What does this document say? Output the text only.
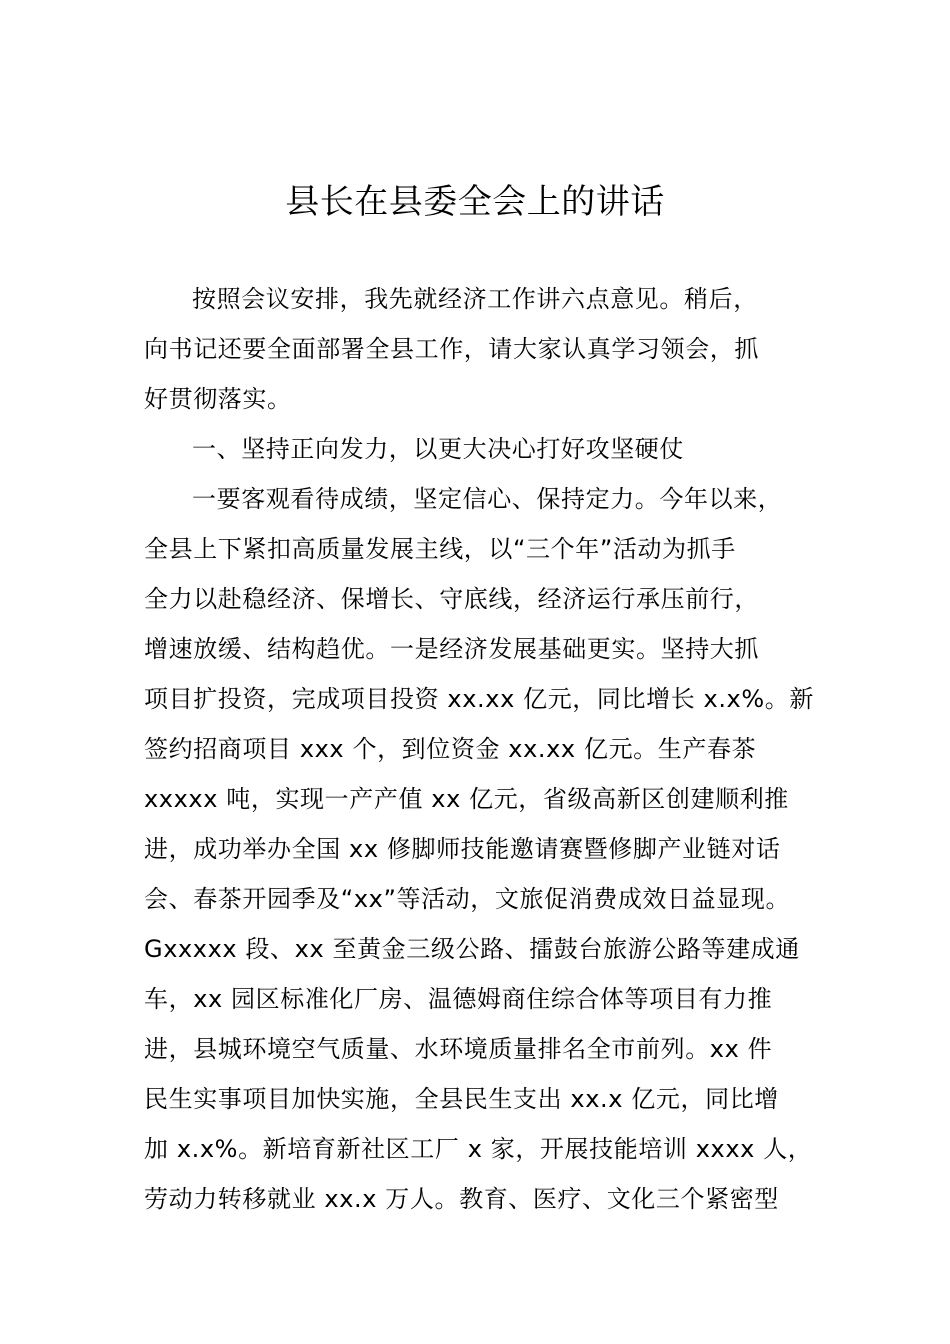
县长在县委全会上的讲话
按照会议安排，我先就经济工作讲六点意见。稍后，
向书记还要全面部署全县工作，请大家认真学习领会，抓
好贯彻落实。
一、坚持正向发力，以更大决心打好攻坚硬仗
一要客观看待成绩，坚定信心、保持定力。今年以来，
全县上下紧扣高质量发展主线，以“三个年”活动为抓手
全力以赴稳经济、保增长、守底线，经济运行承压前行，
增速放缓、结构趋优。一是经济发展基础更实。坚持大抓
项目扩投资，完成项目投资 xx.xx 亿元，同比增长 x.x%。新
签约招商项目 xxx 个，到位资金 xx.xx 亿元。生产春茶
xxxxx 吨，实现一产产值 xx 亿元，省级高新区创建顺利推
进，成功举办全国 xx 修脚师技能邀请赛暨修脚产业链对话
会、春茶开园季及“xx”等活动，文旅促消费成效日益显现。
Gxxxxx 段、xx 至黄金三级公路、擂鼓台旅游公路等建成通
车，xx 园区标准化厂房、温德姆商住综合体等项目有力推
进，县城环境空气质量、水环境质量排名全市前列。xx 件
民生实事项目加快实施，全县民生支出 xx.x 亿元，同比增
加 x.x%。新培育新社区工厂 x 家，开展技能培训 xxxx 人，
劳动力转移就业 xx.x 万人。教育、医疗、文化三个紧密型
